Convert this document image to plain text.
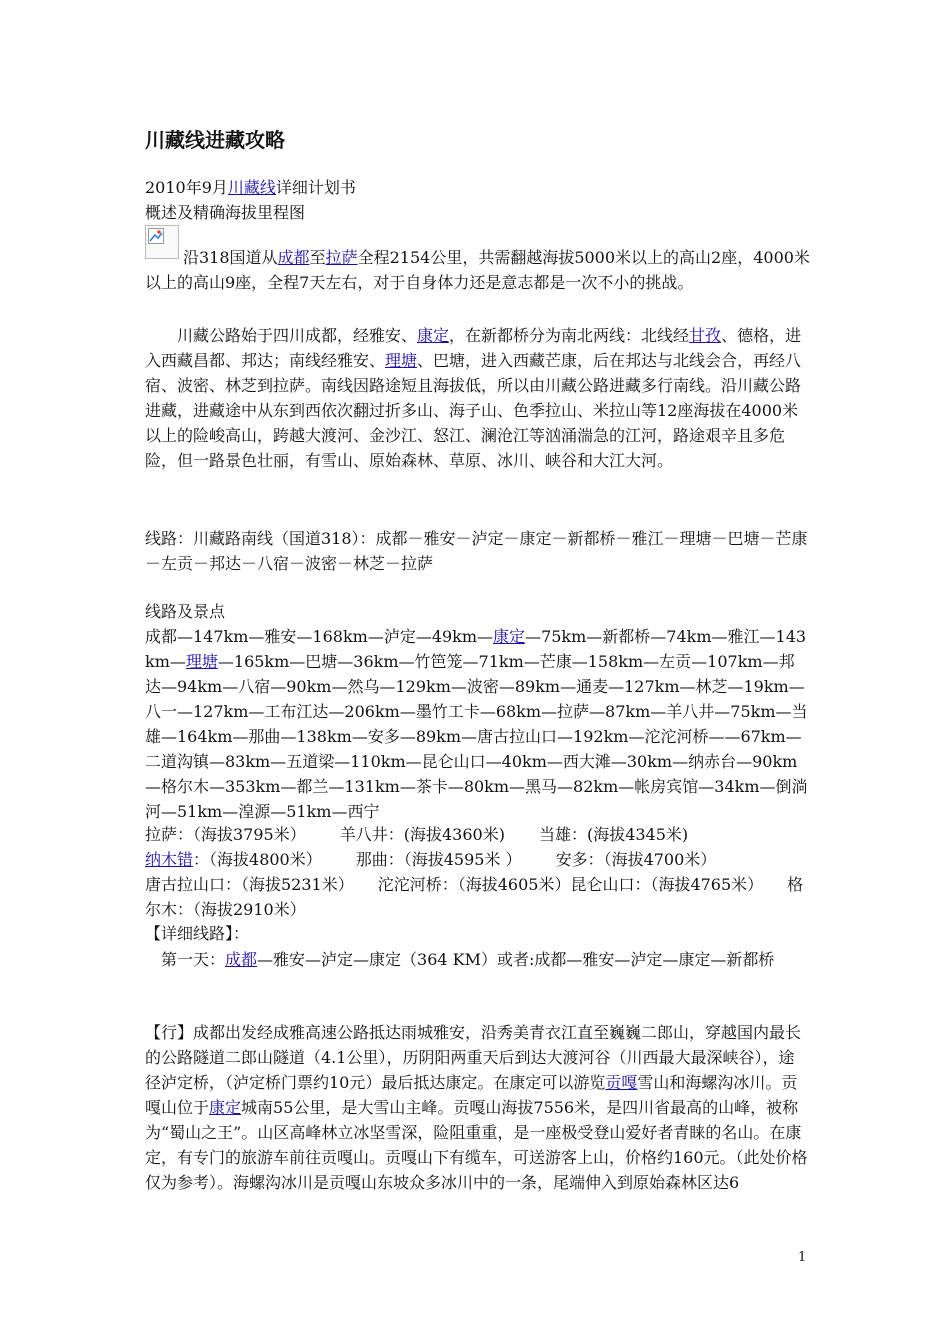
川藏线进藏攻略
2010年9月川藏线详细计划书
概述及精确海拔里程图
沿318国道从成都至拉萨全程2154公里，共需翻越海拔5000米以上的高山2座，4000米以上的高山9座，全程7天左右，对于自身体力还是意志都是一次不小的挑战。
　　川藏公路始于四川成都，经雅安、康定，在新都桥分为南北两线：北线经甘孜、德格，进入西藏昌都、邦达；南线经雅安、理塘、巴塘，进入西藏芒康，后在邦达与北线会合，再经八宿、波密、林芝到拉萨。南线因路途短且海拔低，所以由川藏公路进藏多行南线。沿川藏公路进藏，进藏途中从东到西依次翻过折多山、海子山、色季拉山、米拉山等12座海拔在4000米以上的险峻高山，跨越大渡河、金沙江、怒江、澜沧江等汹涌湍急的江河，路途艰辛且多危险，但一路景色壮丽，有雪山、原始森林、草原、冰川、峡谷和大江大河。
线路：川藏路南线（国道318）：成都－雅安－泸定－康定－新都桥－雅江－理塘－巴塘－芒康－左贡－邦达－八宿－波密－林芝－拉萨
线路及景点
成都—147km—雅安—168km—泸定—49km—康定—75km—新都桥—74km—雅江—143km—理塘—165km—巴塘—36km—竹笆笼—71km—芒康—158km—左贡—107km—邦达—94km—八宿—90km—然乌—129km—波密—89km—通麦—127km—林芝—19km—八一—127km—工布江达—206km—墨竹工卡—68km—拉萨—87km—羊八井—75km—当雄—164km—那曲—138km—安多—89km—唐古拉山口—192km—沱沱河桥——67km—二道沟镇—83km—五道梁—110km—昆仑山口—40km—西大滩—30km—纳赤台—90km—格尔木—353km—都兰—131km—茶卡—80km—黑马—82km—帐房宾馆—34km—倒淌河—51km—湟源—51km—西宁
拉萨：（海拔3795米） 羊八井：(海拔4360米) 当雄：(海拔4345米)
纳木错：（海拔4800米） 那曲：（海拔4595米 ） 安多：（海拔4700米）
唐古拉山口：（海拔5231米）　　沱沱河桥：（海拔4605米）昆仑山口：（海拔4765米）　　格尔木：（海拔2910米）
【详细线路】：
　第一天：成都—雅安—泸定—康定（364 KM）或者:成都—雅安—泸定—康定—新都桥
【行】成都出发经成雅高速公路抵达雨城雅安，沿秀美青衣江直至巍巍二郎山，穿越国内最长的公路隧道二郎山隧道（4.1公里），历阴阳两重天后到达大渡河谷（川西最大最深峡谷），途径泸定桥，（泸定桥门票约10元）最后抵达康定。在康定可以游览贡嘎雪山和海螺沟冰川。贡嘎山位于康定城南55公里，是大雪山主峰。贡嘎山海拔7556米，是四川省最高的山峰，被称为“蜀山之王”。山区高峰林立冰坚雪深，险阻重重，是一座极受登山爱好者青睐的名山。在康定，有专门的旅游车前往贡嘎山。贡嘎山下有缆车，可送游客上山，价格约160元。（此处价格仅为参考）。海螺沟冰川是贡嘎山东坡众多冰川中的一条，尾端伸入到原始森林区达6
1
